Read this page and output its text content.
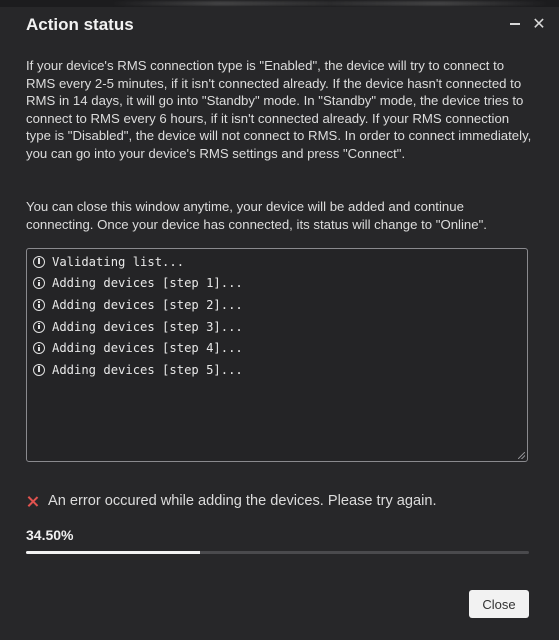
Action status	✕
If your device's RMS connection type is "Enabled", the device will try to connect to RMS every 2-5 minutes, if it isn't connected already. If the device hasn't connected to RMS in 14 days, it will go into "Standby" mode. In "Standby" mode, the device tries to connect to RMS every 6 hours, if it isn't connected already. If your RMS connection type is "Disabled", the device will not connect to RMS. In order to connect immediately, you can go into your device's RMS settings and press "Connect".
You can close this window anytime, your device will be added and continue connecting. Once your device has connected, its status will change to "Online".
Validating list...
Adding devices [step 1]...
Adding devices [step 2]...
Adding devices [step 3]...
Adding devices [step 4]...
Adding devices [step 5]...
An error occured while adding the devices. Please try again.
34.50%
Close
